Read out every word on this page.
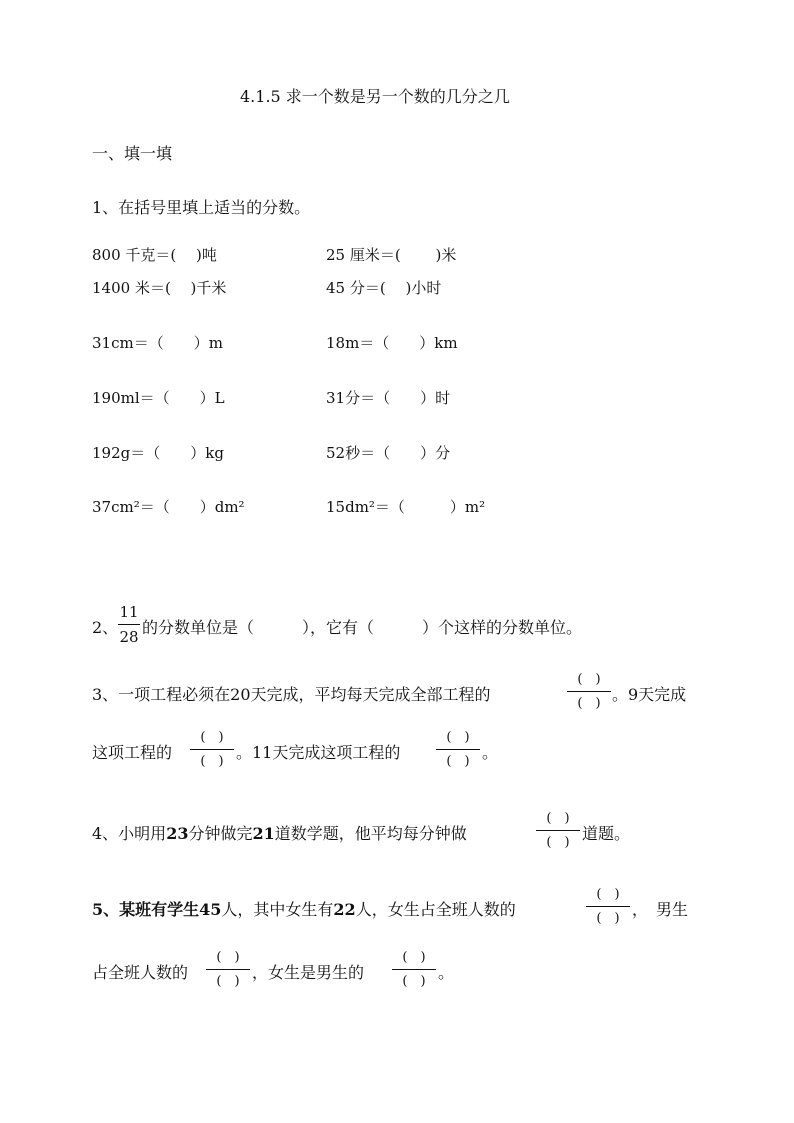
4.1.5 求一个数是另一个数的几分之几
一、填一填
1、在括号里填上适当的分数。
800 千克＝(　 )吨	25 厘米＝(　　 )米
1400 米＝(　 )千米	45 分＝(　 )小时
31cm＝（　　）m	18m＝（　　）km
190ml＝（　　）L	31分＝（　　）时
192g＝（　　）kg	52秒＝（　　）分
37cm²＝（　　）dm²	15dm²＝（　　　）m²
2、
11
28 的分数单位是（　　　），它有（　　　）个这样的分数单位。
3、一项工程必须在20天完成，平均每天完成全部工程的
(　)
(　) 。9天完成
这项工程的
(　)
(　) 。11天完成这项工程的
(　)
(　) 。
4、小明用23分钟做完21道数学题，他平均每分钟做
(　)
(　) 道题。
5、某班有学生45人，其中女生有22人，女生占全班人数的
(　)
(　) ，　男生
占全班人数的
(　)
(　) ，女生是男生的
(　)
(　) 。
